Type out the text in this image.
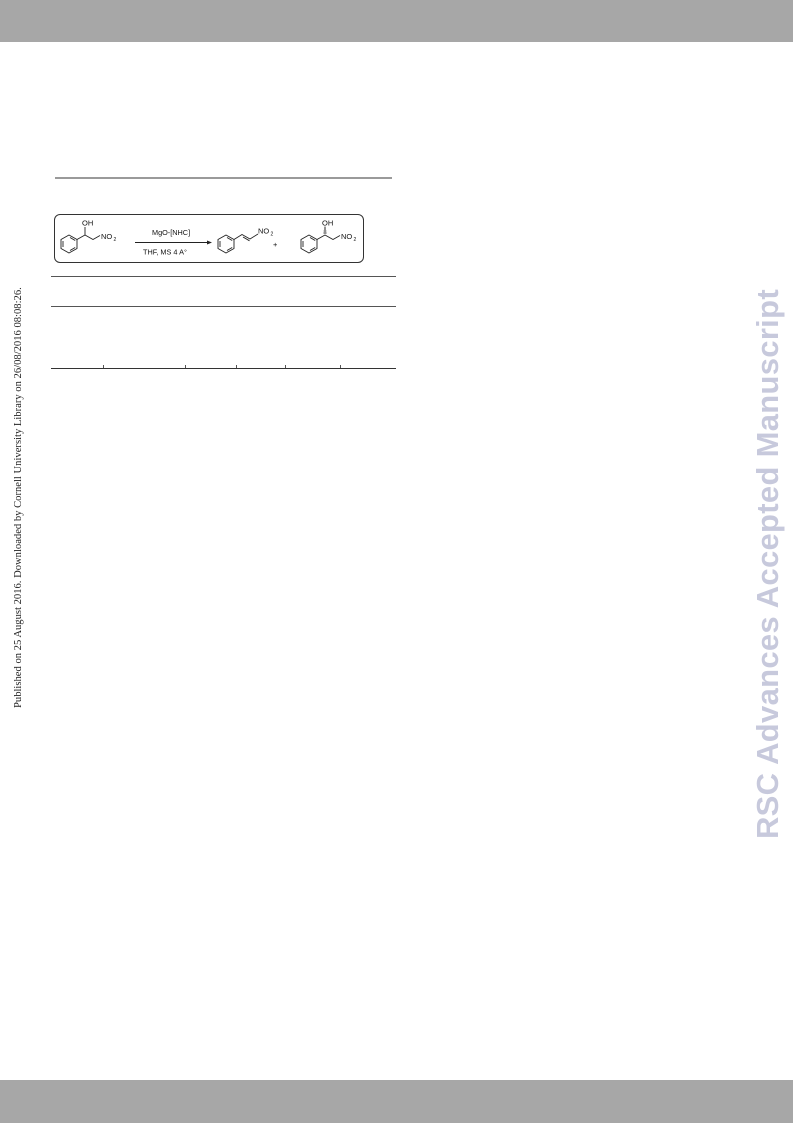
Published on 25 August 2016. Downloaded by Cornell University Library on 26/08/2016 08:08:26.	RSC Advances Accepted Manuscript
OH
NO 2
MgO-[NHC]
THF, MS 4 A°
NO 2
+
OH
NO 2
